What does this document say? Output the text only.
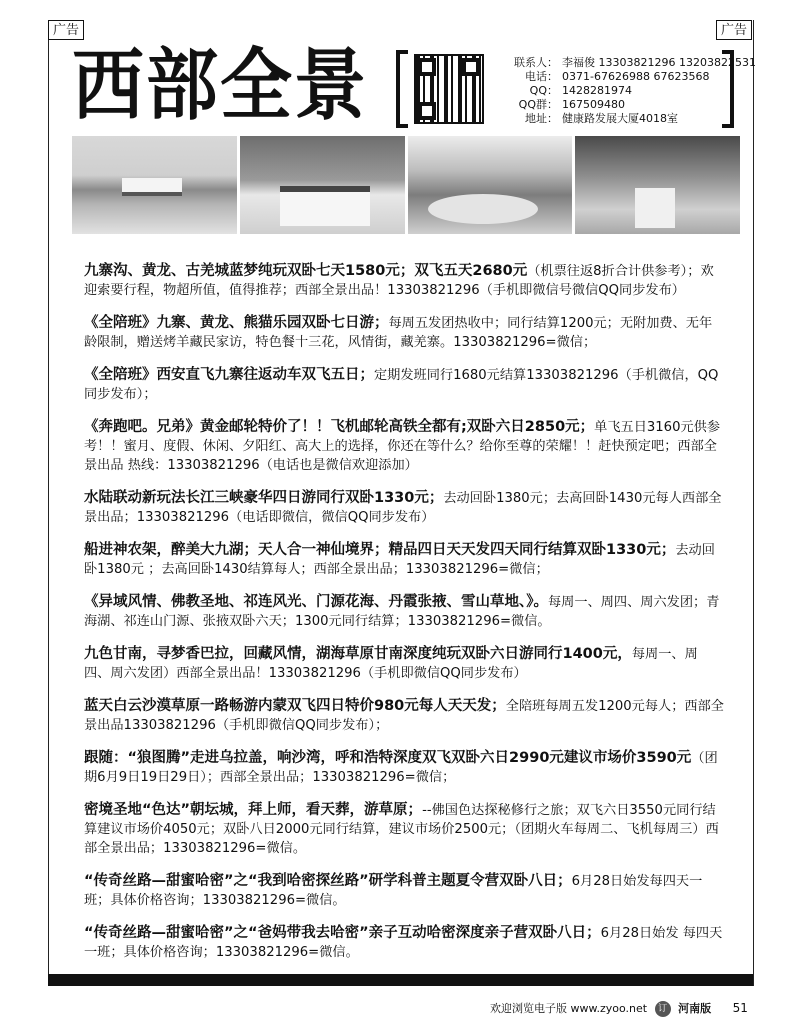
广告	广告
西部全景	联系人： 李福俊 13303821296 13203822531
电话： 0371-67626988 67623568
QQ： 1428281974
QQ群： 167509480
地址： 健康路发展大厦4018室

九寨沟、黄龙、古羌城蓝梦纯玩双卧七天1580元；双飞五天2680元（机票往返8折合计供参考）；欢迎索要行程，物超所值，值得推荐；西部全景出品！13303821296（手机即微信号微信QQ同步发布）

《全陪班》九寨、黄龙、熊猫乐园双卧七日游；每周五发团热收中；同行结算1200元；无附加费、无年龄限制，赠送烤羊藏民家访，特色餐十三花，风情街，藏羌寨。13303821296=微信；

《全陪班》西安直飞九寨往返动车双飞五日；定期发班同行1680元结算13303821296（手机微信，QQ同步发布）；

《奔跑吧。兄弟》黄金邮轮特价了！！飞机邮轮高铁全都有;双卧六日2850元；单飞五日3160元供参考！！蜜月、度假、休闲、夕阳红、高大上的选择，你还在等什么？给你至尊的荣耀！！赶快预定吧；西部全景出品 热线：13303821296（电话也是微信欢迎添加）

水陆联动新玩法长江三峡豪华四日游同行双卧1330元；去动回卧1380元；去高回卧1430元每人西部全景出品；13303821296（电话即微信，微信QQ同步发布）

船进神农架，醉美大九湖；天人合一神仙境界；精品四日天天发四天同行结算双卧1330元；去动回卧1380元 ；去高回卧1430结算每人；西部全景出品；13303821296=微信；

《异域风情、佛教圣地、祁连风光、门源花海、丹霞张掖、雪山草地、》。每周一、周四、周六发团；青海湖、祁连山门源、张掖双卧六天；1300元同行结算；13303821296=微信。

九色甘南，寻梦香巴拉，回藏风情，湖海草原甘南深度纯玩双卧六日游同行1400元，每周一、周四、周六发团）西部全景出品！13303821296（手机即微信QQ同步发布）

蓝天白云沙漠草原一路畅游内蒙双飞四日特价980元每人天天发；全陪班每周五发1200元每人；西部全景出品13303821296（手机即微信QQ同步发布）；

跟随：“狼图腾”走进乌拉盖，响沙湾，呼和浩特深度双飞双卧六日2990元建议市场价3590元（团期6月9日19日29日）；西部全景出品；13303821296=微信；

密境圣地“色达”朝坛城，拜上师，看天葬，游草原；--佛国色达探秘修行之旅；双飞六日3550元同行结算建议市场价4050元；双卧八日2000元同行结算，建议市场价2500元；（团期火车每周二、飞机每周三）西部全景出品；13303821296=微信。

“传奇丝路—甜蜜哈密”之“我到哈密探丝路”研学科普主题夏令营双卧八日；6月28日始发每四天一班；具体价格咨询；13303821296=微信。

“传奇丝路—甜蜜哈密”之“爸妈带我去哈密”亲子互动哈密深度亲子营双卧八日；6月28日始发 每四天一班；具体价格咨询；13303821296=微信。

欢迎浏览电子版 www.zyoo.net 订 河南版 51
